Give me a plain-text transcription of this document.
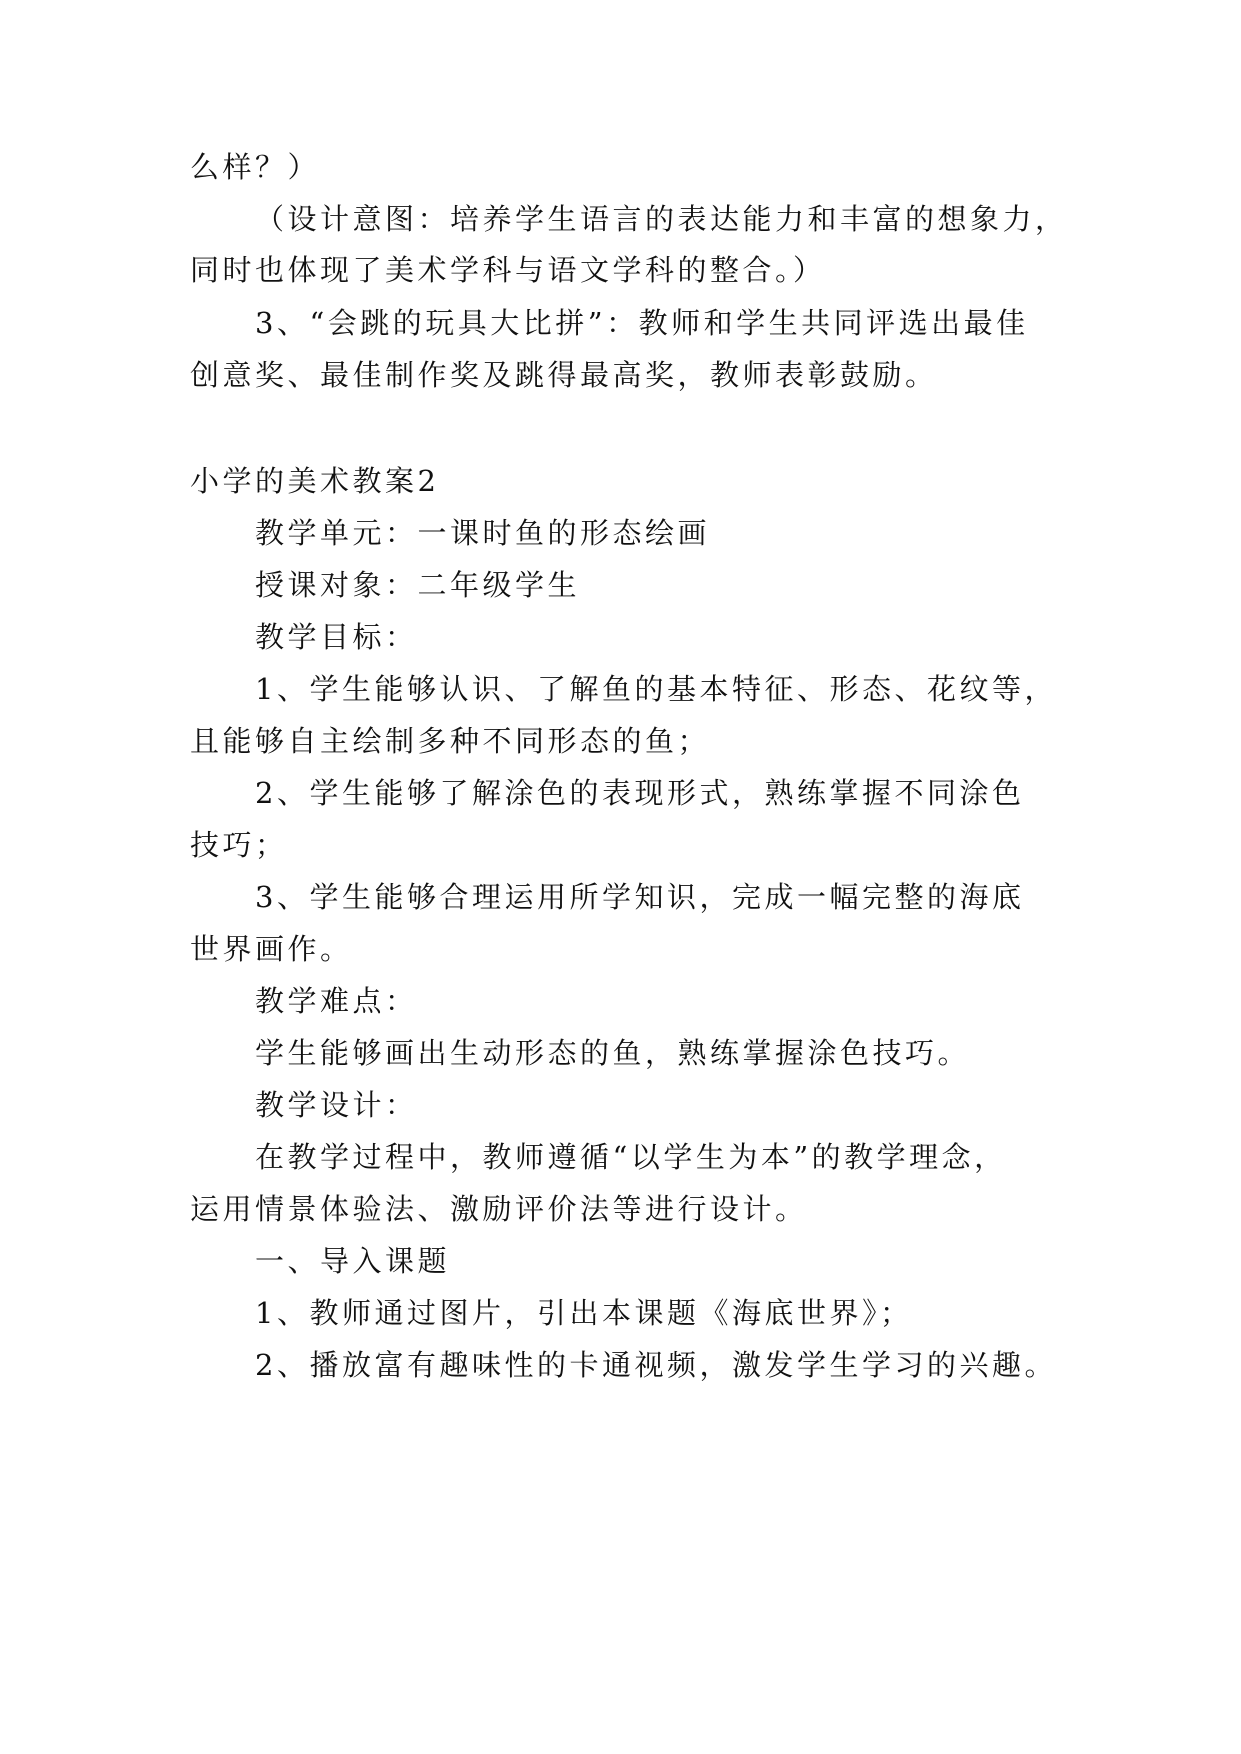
么样？）
（设计意图：培养学生语言的表达能力和丰富的想象力，
同时也体现了美术学科与语文学科的整合。）
3、“会跳的玩具大比拼”：教师和学生共同评选出最佳
创意奖、最佳制作奖及跳得最高奖，教师表彰鼓励。
小学的美术教案2
教学单元：一课时鱼的形态绘画
授课对象：二年级学生
教学目标：
1、学生能够认识、了解鱼的基本特征、形态、花纹等，
且能够自主绘制多种不同形态的鱼；
2、学生能够了解涂色的表现形式，熟练掌握不同涂色
技巧；
3、学生能够合理运用所学知识，完成一幅完整的海底
世界画作。
教学难点：
学生能够画出生动形态的鱼，熟练掌握涂色技巧。
教学设计：
在教学过程中，教师遵循“以学生为本”的教学理念，
运用情景体验法、激励评价法等进行设计。
一、导入课题
1、教师通过图片，引出本课题《海底世界》；
2、播放富有趣味性的卡通视频，激发学生学习的兴趣。
